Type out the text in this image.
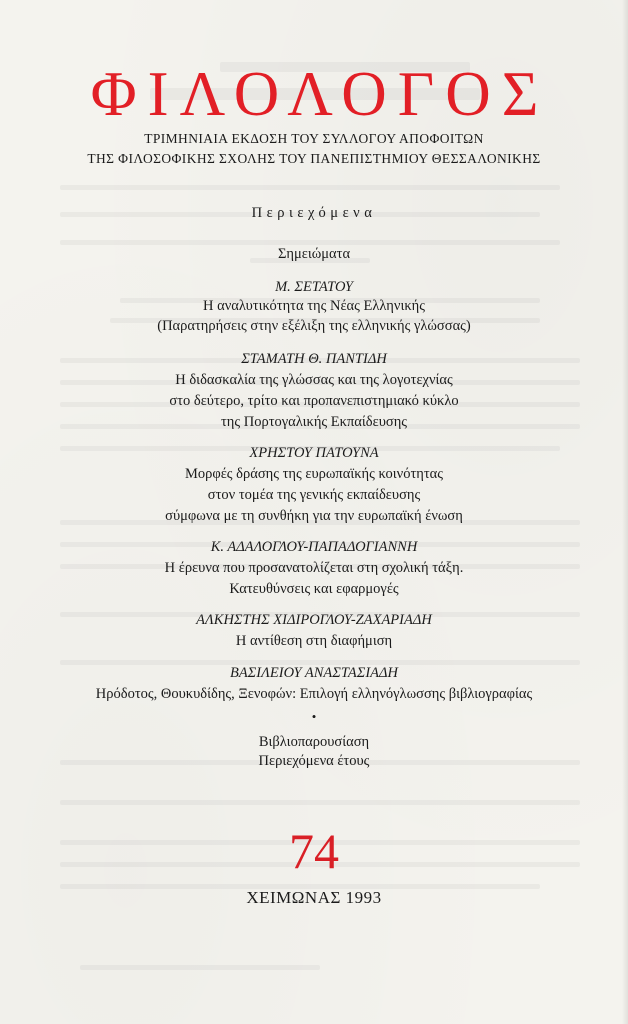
ΦΙΛΟΛΟΓΟΣ
ΤΡΙΜΗΝΙΑΙΑ ΕΚΔΟΣΗ ΤΟΥ ΣΥΛΛΟΓΟΥ ΑΠΟΦΟΙΤΩΝ
ΤΗΣ ΦΙΛΟΣΟΦΙΚΗΣ ΣΧΟΛΗΣ ΤΟΥ ΠΑΝΕΠΙΣΤΗΜΙΟΥ ΘΕΣΣΑΛΟΝΙΚΗΣ
Περιεχόμενα
Σημειώματα
Μ. ΣΕΤΑΤΟΥ
Η αναλυτικότητα της Νέας Ελληνικής
(Παρατηρήσεις στην εξέλιξη της ελληνικής γλώσσας)
ΣΤΑΜΑΤΗ Θ. ΠΑΝΤΙΔΗ
Η διδασκαλία της γλώσσας και της λογοτεχνίας
στο δεύτερο, τρίτο και προπανεπιστημιακό κύκλο
της Πορτογαλικής Εκπαίδευσης
ΧΡΗΣΤΟΥ ΠΑΤΟΥΝΑ
Μορφές δράσης της ευρωπαϊκής κοινότητας
στον τομέα της γενικής εκπαίδευσης
σύμφωνα με τη συνθήκη για την ευρωπαϊκή ένωση
Κ. ΑΔΑΛΟΓΛΟΥ-ΠΑΠΑΔΟΓΙΑΝΝΗ
Η έρευνα που προσανατολίζεται στη σχολική τάξη.
Κατευθύνσεις και εφαρμογές
ΑΛΚΗΣΤΗΣ ΧΙΔΙΡΟΓΛΟΥ-ΖΑΧΑΡΙΑΔΗ
Η αντίθεση στη διαφήμιση
ΒΑΣΙΛΕΙΟΥ ΑΝΑΣΤΑΣΙΑΔΗ
Ηρόδοτος, Θουκυδίδης, Ξενοφών: Επιλογή ελληνόγλωσσης βιβλιογραφίας
•
Βιβλιοπαρουσίαση
Περιεχόμενα έτους
74
ΧΕΙΜΩΝΑΣ 1993
